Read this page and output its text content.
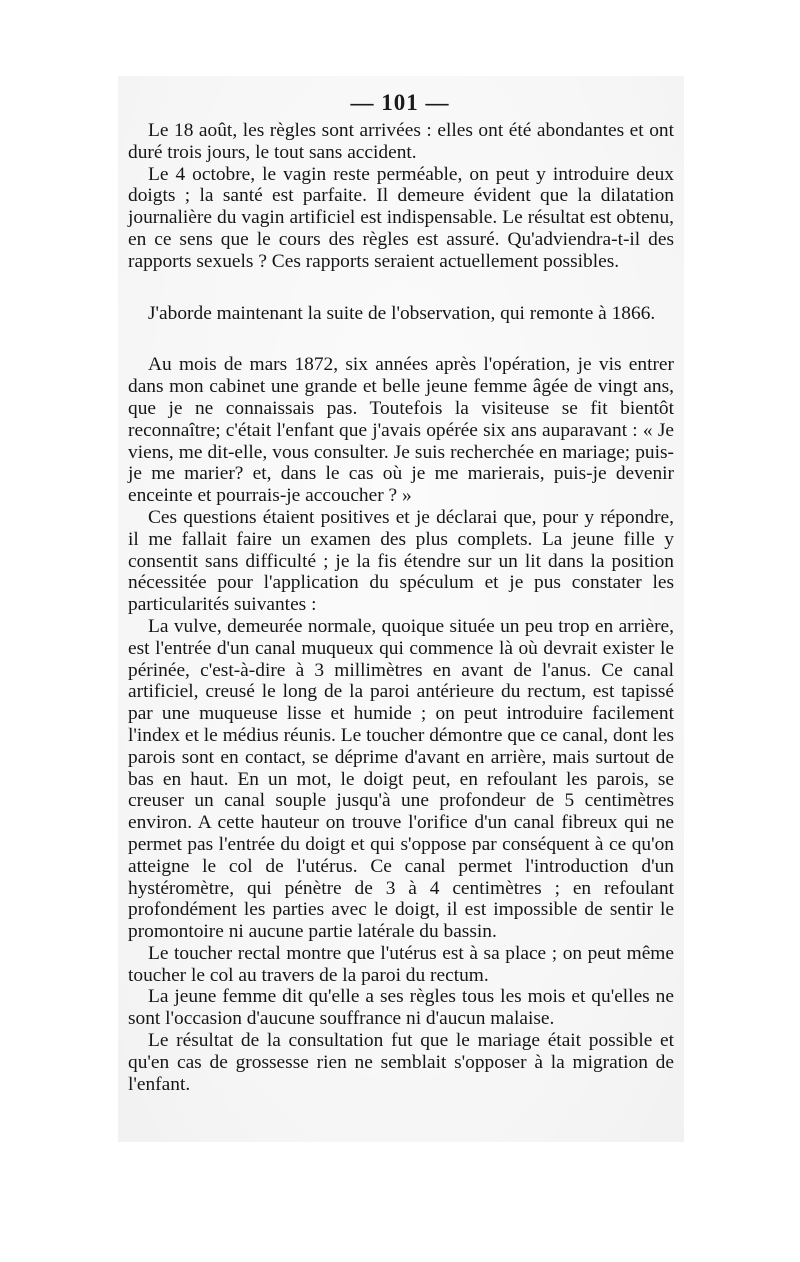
— 101 —

Le 18 août, les règles sont arrivées : elles ont été abondantes et ont duré trois jours, le tout sans accident.

Le 4 octobre, le vagin reste perméable, on peut y introduire deux doigts ; la santé est parfaite. Il demeure évident que la dilatation journalière du vagin artificiel est indispensable. Le résultat est obtenu, en ce sens que le cours des règles est assuré. Qu'adviendra-t-il des rapports sexuels ? Ces rapports seraient actuellement possibles.

J'aborde maintenant la suite de l'observation, qui remonte à 1866.

Au mois de mars 1872, six années après l'opération, je vis entrer dans mon cabinet une grande et belle jeune femme âgée de vingt ans, que je ne connaissais pas. Toutefois la visiteuse se fit bientôt reconnaître; c'était l'enfant que j'avais opérée six ans auparavant : « Je viens, me dit-elle, vous consulter. Je suis recherchée en mariage; puis-je me marier? et, dans le cas où je me marierais, puis-je devenir enceinte et pourrais-je accoucher ? »

Ces questions étaient positives et je déclarai que, pour y répondre, il me fallait faire un examen des plus complets. La jeune fille y consentit sans difficulté ; je la fis étendre sur un lit dans la position nécessitée pour l'application du spéculum et je pus constater les particularités suivantes :

La vulve, demeurée normale, quoique située un peu trop en arrière, est l'entrée d'un canal muqueux qui commence là où devrait exister le périnée, c'est-à-dire à 3 millimètres en avant de l'anus. Ce canal artificiel, creusé le long de la paroi antérieure du rectum, est tapissé par une muqueuse lisse et humide ; on peut introduire facilement l'index et le médius réunis. Le toucher démontre que ce canal, dont les parois sont en contact, se déprime d'avant en arrière, mais surtout de bas en haut. En un mot, le doigt peut, en refoulant les parois, se creuser un canal souple jusqu'à une profondeur de 5 centimètres environ. A cette hauteur on trouve l'orifice d'un canal fibreux qui ne permet pas l'entrée du doigt et qui s'oppose par conséquent à ce qu'on atteigne le col de l'utérus. Ce canal permet l'introduction d'un hystéromètre, qui pénètre de 3 à 4 centimètres ; en refoulant profondément les parties avec le doigt, il est impossible de sentir le promontoire ni aucune partie latérale du bassin.

Le toucher rectal montre que l'utérus est à sa place ; on peut même toucher le col au travers de la paroi du rectum.

La jeune femme dit qu'elle a ses règles tous les mois et qu'elles ne sont l'occasion d'aucune souffrance ni d'aucun malaise.

Le résultat de la consultation fut que le mariage était possible et qu'en cas de grossesse rien ne semblait s'opposer à la migration de l'enfant.
